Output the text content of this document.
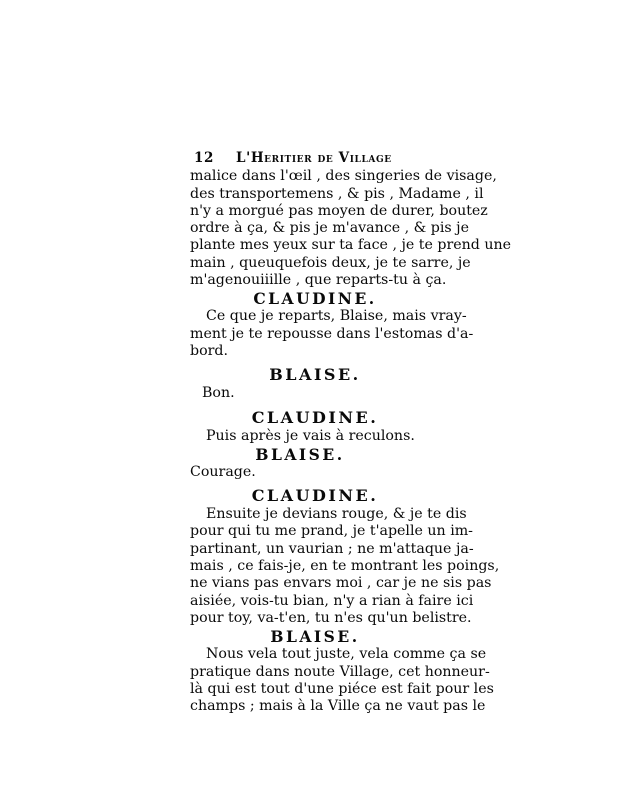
12 L'Heritier de Village
malice dans l'œil , des singeries de visage,
des transportemens , & pis , Madame , il
n'y a morgué pas moyen de durer, boutez
ordre à ça, & pis je m'avance , & pis je
plante mes yeux sur ta face , je te prend une
main , queuquefois deux, je te sarre, je
m'agenouiiille , que reparts-tu à ça.
CLAUDINE.
Ce que je reparts, Blaise, mais vray-
ment je te repousse dans l'estomas d'a-
bord.
BLAISE.
Bon.
CLAUDINE.
Puis après je vais à reculons.
BLAISE.
Courage.
CLAUDINE.
Ensuite je devians rouge, & je te dis
pour qui tu me prand, je t'apelle un im-
partinant, un vaurian ; ne m'attaque ja-
mais , ce fais-je, en te montrant les poings,
ne vians pas envars moi , car je ne sis pas
aisiée, vois-tu bian, n'y a rian à faire ici
pour toy, va-t'en, tu n'es qu'un belistre.
BLAISE.
Nous vela tout juste, vela comme ça se
pratique dans noute Village, cet honneur-
là qui est tout d'une piéce est fait pour les
champs ; mais à la Ville ça ne vaut pas le
